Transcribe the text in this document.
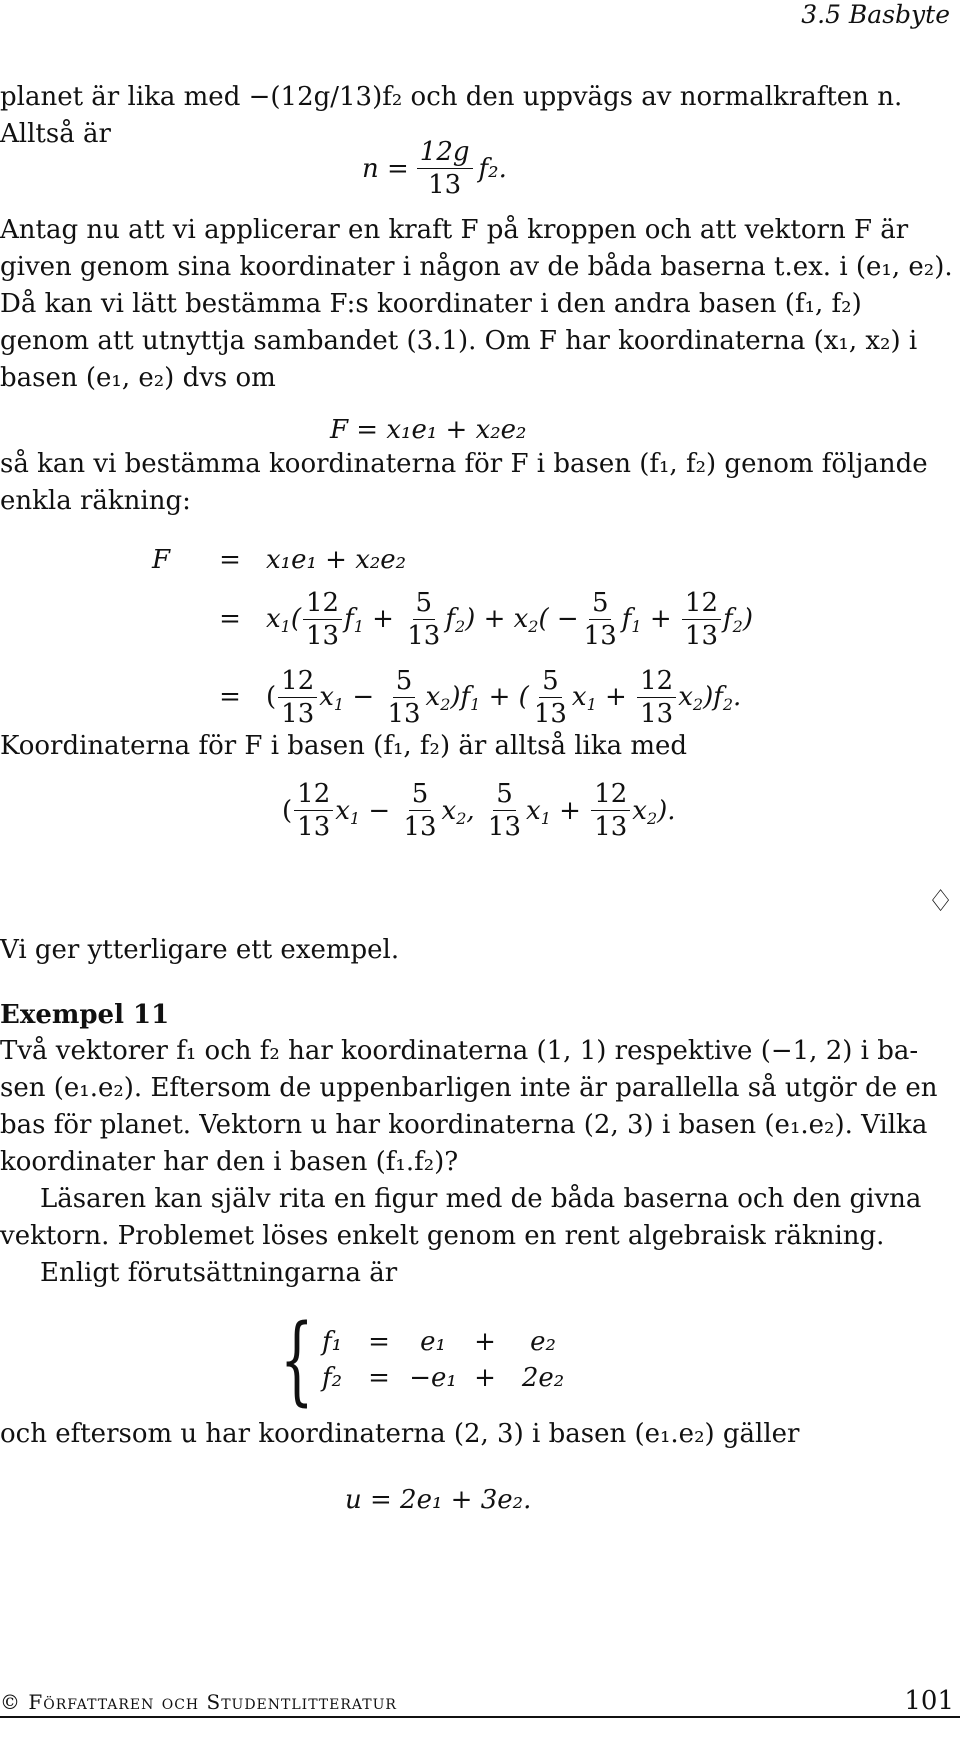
3.5 Basbyte
planet är lika med −(12g/13)f₂ och den uppvägs av normalkraften n.
Alltså är
$n = \frac{12g}{13} f_2$.
Antag nu att vi applicerar en kraft F på kroppen och att vektorn F är
given genom sina koordinater i någon av de båda baserna t.ex. i (e₁, e₂).
Då kan vi lätt bestämma F:s koordinater i den andra basen (f₁, f₂)
genom att utnyttja sambandet (3.1). Om F har koordinaterna (x₁, x₂) i
basen (e₁, e₂) dvs om
F = x₁e₁ + x₂e₂
så kan vi bestämma koordinaterna för F i basen (f₁, f₂) genom följande
enkla räkning:
F	= x₁e₁ + x₂e₂
= $x_1( \frac{12}{13} f_1 + \frac{5}{13} f_2) + x_2( - \frac{5}{13} f_1 + \frac{12}{13} f_2)$
= ( $\frac{12}{13} x_1 - \frac{5}{13} x_2)f_1$ + ( $\frac{5}{13} x_1 + \frac{12}{13} x_2)f_2$.
Koordinaterna för F i basen (f₁, f₂) är alltså lika med
( $\frac{12}{13} x_1 - \frac{5}{13} x_2$, $\frac{5}{13} x_1 + \frac{12}{13} x_2$).
♢
Vi ger ytterligare ett exempel.
Exempel 11
Två vektorer f₁ och f₂ har koordinaterna (1, 1) respektive (−1, 2) i ba-
sen (e₁.e₂). Eftersom de uppenbarligen inte är parallella så utgör de en
bas för planet. Vektorn u har koordinaterna (2, 3) i basen (e₁.e₂). Vilka
koordinater har den i basen (f₁.f₂)?
Läsaren kan själv rita en figur med de båda baserna och den givna
vektorn. Problemet löses enkelt genom en rent algebraisk räkning.
Enligt förutsättningarna är
{ f₁	=	e₁	+	e₂
f₂	= −e₁ + 2e₂
och eftersom u har koordinaterna (2, 3) i basen (e₁.e₂) gäller
u = 2e₁ + 3e₂.
© Författaren och Studentlitteratur	101
